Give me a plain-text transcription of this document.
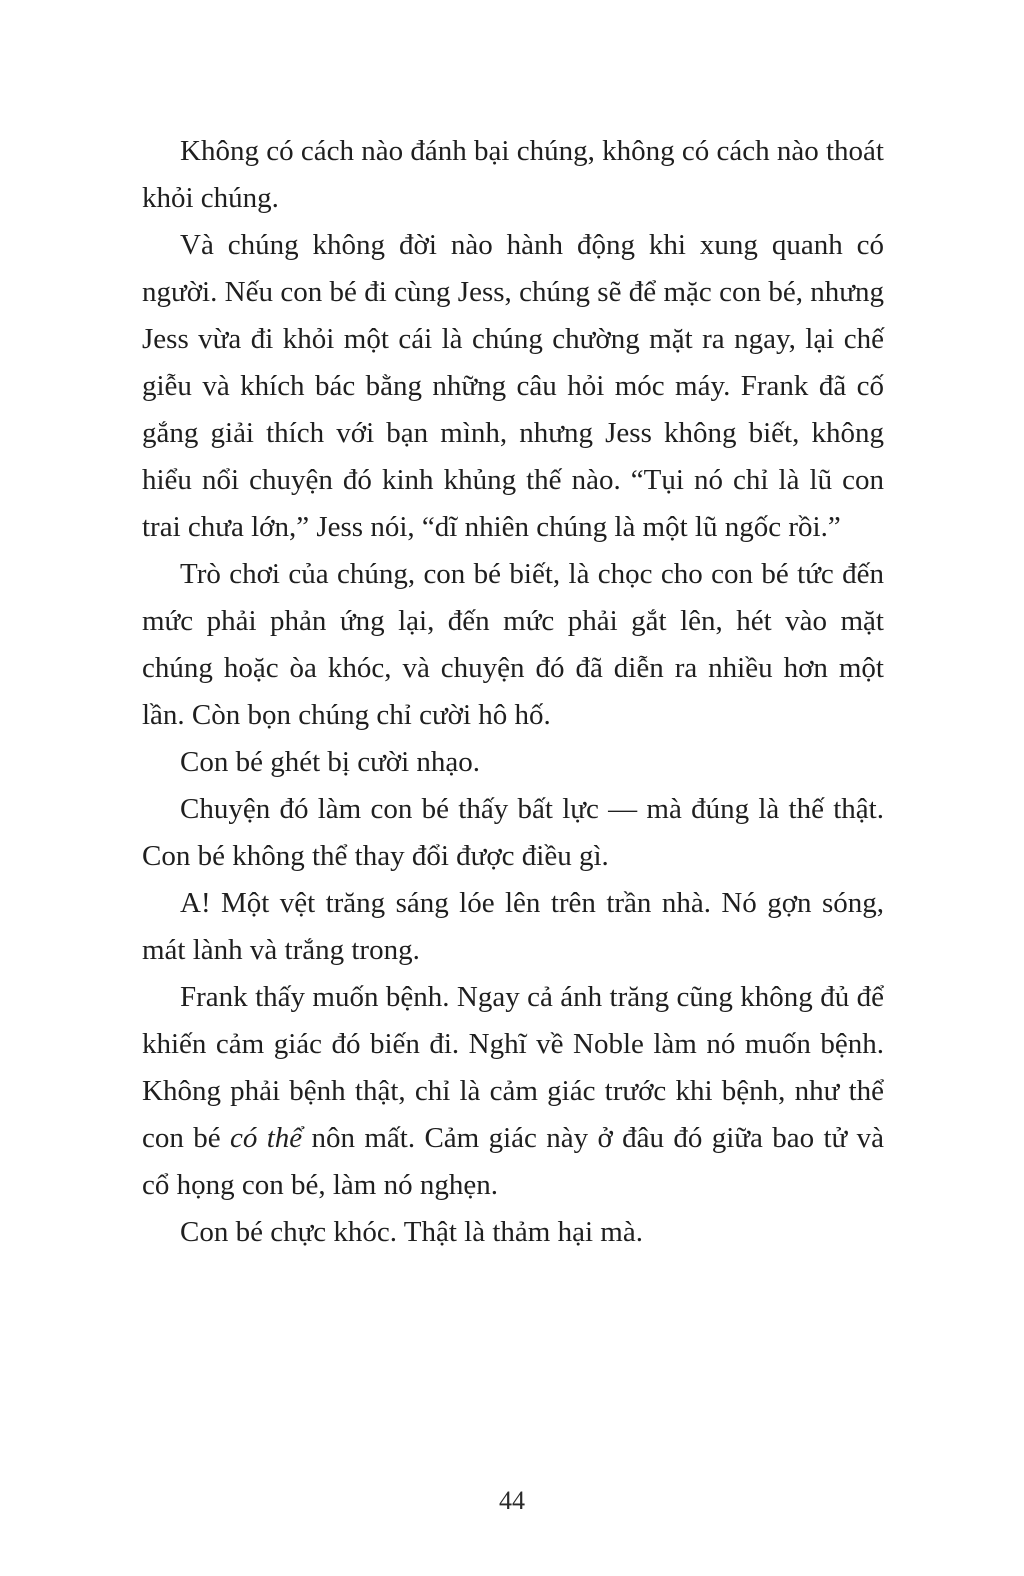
Không có cách nào đánh bại chúng, không có cách nào thoát khỏi chúng.

Và chúng không đời nào hành động khi xung quanh có người. Nếu con bé đi cùng Jess, chúng sẽ để mặc con bé, nhưng Jess vừa đi khỏi một cái là chúng chường mặt ra ngay, lại chế giễu và khích bác bằng những câu hỏi móc máy. Frank đã cố gắng giải thích với bạn mình, nhưng Jess không biết, không hiểu nổi chuyện đó kinh khủng thế nào. “Tụi nó chỉ là lũ con trai chưa lớn,” Jess nói, “dĩ nhiên chúng là một lũ ngốc rồi.”

Trò chơi của chúng, con bé biết, là chọc cho con bé tức đến mức phải phản ứng lại, đến mức phải gắt lên, hét vào mặt chúng hoặc òa khóc, và chuyện đó đã diễn ra nhiều hơn một lần. Còn bọn chúng chỉ cười hô hố.

Con bé ghét bị cười nhạo.

Chuyện đó làm con bé thấy bất lực — mà đúng là thế thật. Con bé không thể thay đổi được điều gì.

A! Một vệt trăng sáng lóe lên trên trần nhà. Nó gợn sóng, mát lành và trắng trong.

Frank thấy muốn bệnh. Ngay cả ánh trăng cũng không đủ để khiến cảm giác đó biến đi. Nghĩ về Noble làm nó muốn bệnh. Không phải bệnh thật, chỉ là cảm giác trước khi bệnh, như thể con bé có thể nôn mất. Cảm giác này ở đâu đó giữa bao tử và cổ họng con bé, làm nó nghẹn.

Con bé chực khóc. Thật là thảm hại mà.

44
